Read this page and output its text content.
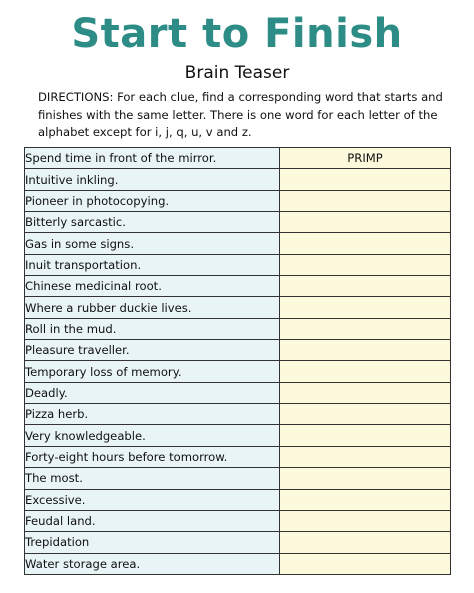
Start to Finish
Brain Teaser
DIRECTIONS: For each clue, find a corresponding word that starts and finishes with the same letter. There is one word for each letter of the alphabet except for i, j, q, u, v and z.
Spend time in front of the mirror.	PRIMP
Intuitive inkling.	
Pioneer in photocopying.	
Bitterly sarcastic.	
Gas in some signs.	
Inuit transportation.	
Chinese medicinal root.	
Where a rubber duckie lives.	
Roll in the mud.	
Pleasure traveller.	
Temporary loss of memory.	
Deadly.	
Pizza herb.	
Very knowledgeable.	
Forty-eight hours before tomorrow.	
The most.	
Excessive.	
Feudal land.	
Trepidation	
Water storage area.	
